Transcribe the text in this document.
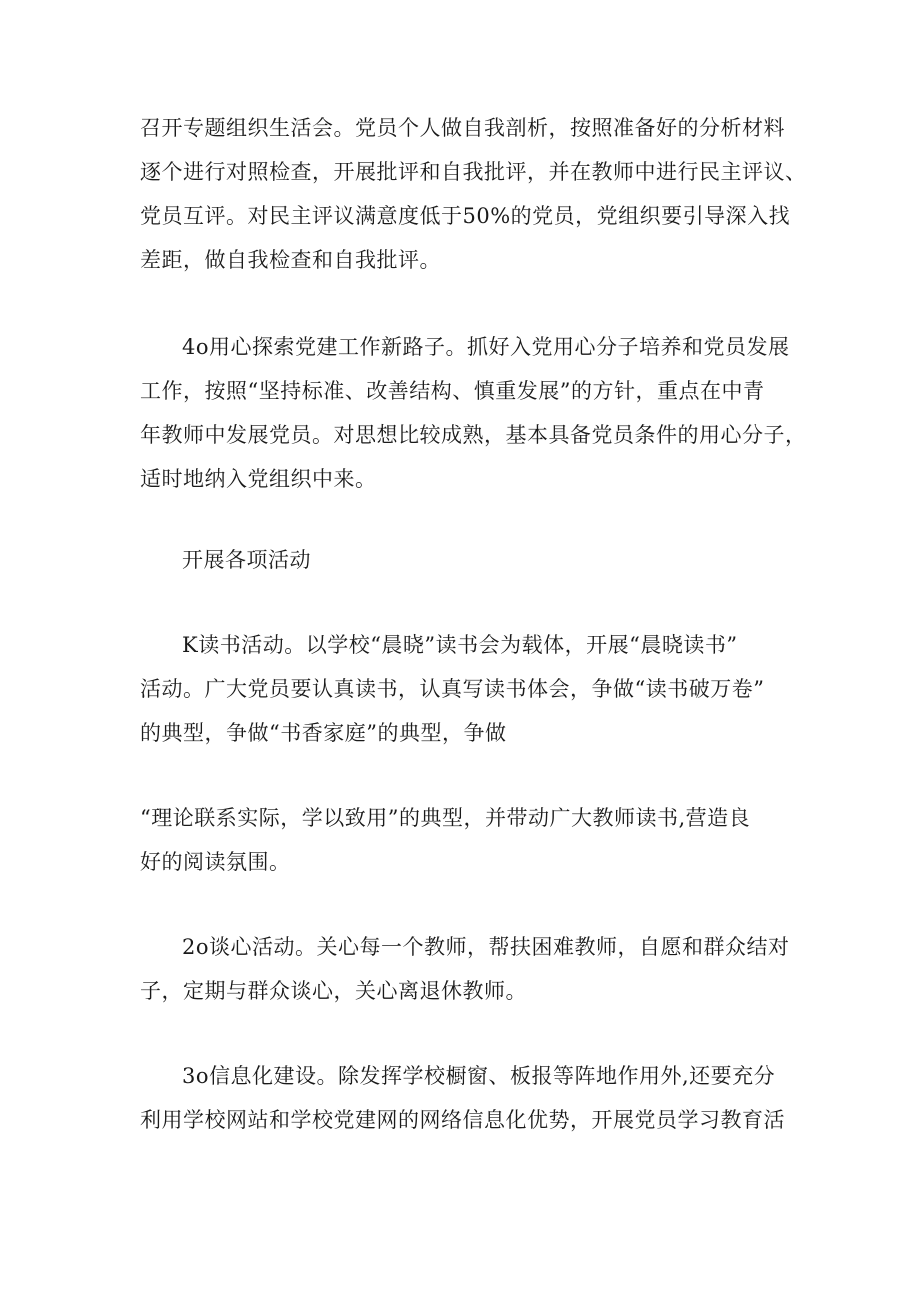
召开专题组织生活会。党员个人做自我剖析，按照准备好的分析材料
逐个进行对照检查，开展批评和自我批评，并在教师中进行民主评议、
党员互评。对民主评议满意度低于50%的党员，党组织要引导深入找
差距，做自我检查和自我批评。
4o用心探索党建工作新路子。抓好入党用心分子培养和党员发展
工作，按照“坚持标准、改善结构、慎重发展”的方针，重点在中青
年教师中发展党员。对思想比较成熟，基本具备党员条件的用心分子，
适时地纳入党组织中来。
开展各项活动
K读书活动。以学校“晨晓”读书会为载体，开展“晨晓读书”
活动。广大党员要认真读书，认真写读书体会，争做“读书破万卷”
的典型，争做“书香家庭”的典型，争做
“理论联系实际，学以致用”的典型，并带动广大教师读书,营造良
好的阅读氛围。
2o谈心活动。关心每一个教师，帮扶困难教师，自愿和群众结对
子，定期与群众谈心，关心离退休教师。
3o信息化建设。除发挥学校橱窗、板报等阵地作用外,还要充分
利用学校网站和学校党建网的网络信息化优势，开展党员学习教育活
